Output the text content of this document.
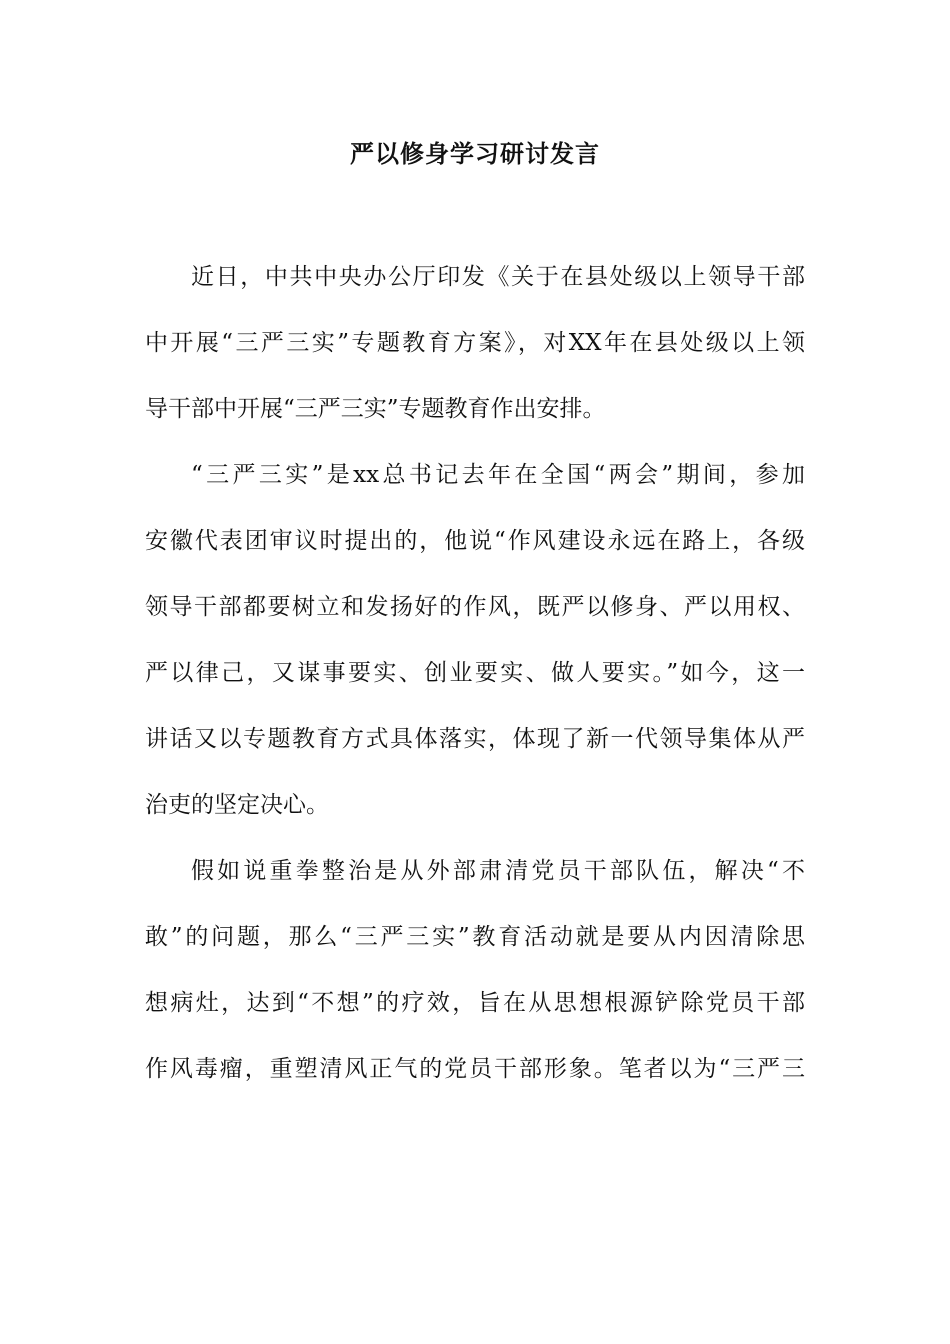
严以修身学习研讨发言
近日，中共中央办公厅印发《关于在县处级以上领导干部
中开展“三严三实”专题教育方案》，对XX年在县处级以上领
导干部中开展“三严三实”专题教育作出安排。
“三严三实”是xx总书记去年在全国“两会”期间，参加
安徽代表团审议时提出的，他说“作风建设永远在路上，各级
领导干部都要树立和发扬好的作风，既严以修身、严以用权、
严以律己，又谋事要实、创业要实、做人要实。”如今，这一
讲话又以专题教育方式具体落实，体现了新一代领导集体从严
治吏的坚定决心。
假如说重拳整治是从外部肃清党员干部队伍，解决“不
敢”的问题，那么“三严三实”教育活动就是要从内因清除思
想病灶，达到“不想”的疗效，旨在从思想根源铲除党员干部
作风毒瘤，重塑清风正气的党员干部形象。笔者以为“三严三
